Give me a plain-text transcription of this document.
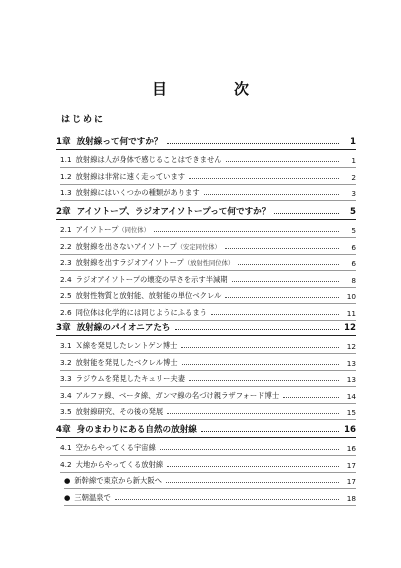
目　次
はじめに
1章 放射線って何ですか？	1
1.1 放射線は人が身体で感じることはできません	1
1.2 放射線は非常に速く走っています	2
1.3 放射線にはいくつかの種類があります	3
2章 アイソトープ、ラジオアイソトープって何ですか？	5
2.1 アイソトープ（同位体）	5
2.2 放射線を出さないアイソトープ（安定同位体）	6
2.3 放射線を出すラジオアイソトープ（放射性同位体）	6
2.4 ラジオアイソトープの壊変の早さを示す半減期	8
2.5 放射性物質と放射能、放射能の単位ベクレル	10
2.6 同位体は化学的には同じようにふるまう	11
3章 放射線のパイオニアたち	12
3.1 Ｘ線を発見したレントゲン博士	12
3.2 放射能を発見したベクレル博士	13
3.3 ラジウムを発見したキュリー夫妻	13
3.4 アルファ線、ベータ線、ガンマ線の名づけ親ラザフォード博士	14
3.5 放射線研究、その後の発展	15
4章 身のまわりにある自然の放射線	16
4.1 空からやってくる宇宙線	16
4.2 大地からやってくる放射線	17
● 新幹線で東京から新大阪へ	17
● 三朝温泉で	18
